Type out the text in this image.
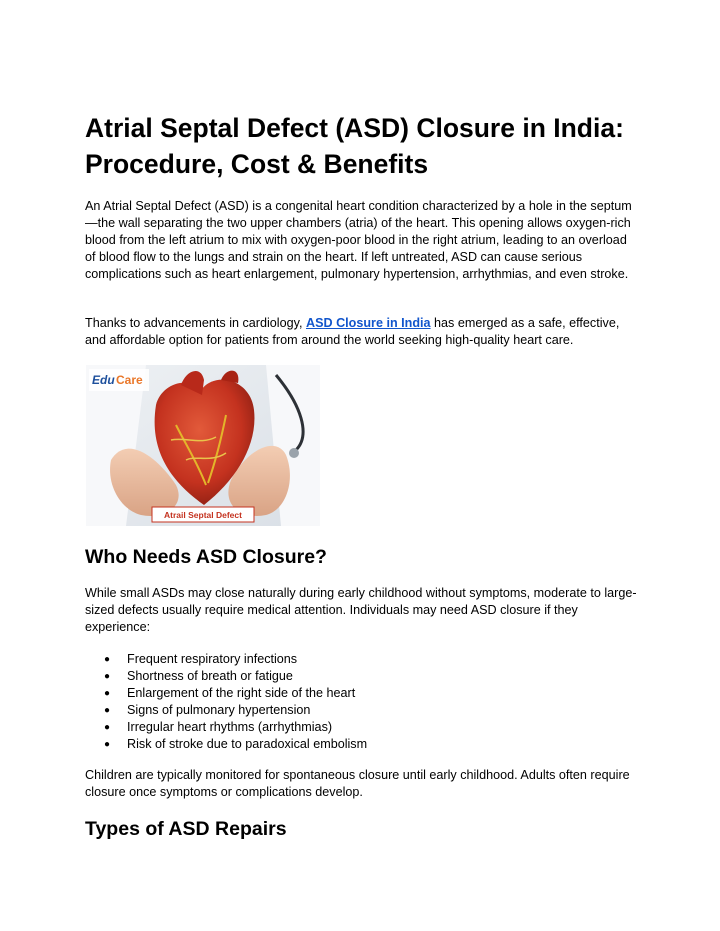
Atrial Septal Defect (ASD) Closure in India: Procedure, Cost & Benefits

An Atrial Septal Defect (ASD) is a congenital heart condition characterized by a hole in the septum—the wall separating the two upper chambers (atria) of the heart. This opening allows oxygen-rich blood from the left atrium to mix with oxygen-poor blood in the right atrium, leading to an overload of blood flow to the lungs and strain on the heart. If left untreated, ASD can cause serious complications such as heart enlargement, pulmonary hypertension, arrhythmias, and even stroke.

Thanks to advancements in cardiology, ASD Closure in India has emerged as a safe, effective, and affordable option for patients from around the world seeking high-quality heart care.

Who Needs ASD Closure?

While small ASDs may close naturally during early childhood without symptoms, moderate to large-sized defects usually require medical attention. Individuals may need ASD closure if they experience:

● Frequent respiratory infections
● Shortness of breath or fatigue
● Enlargement of the right side of the heart
● Signs of pulmonary hypertension
● Irregular heart rhythms (arrhythmias)
● Risk of stroke due to paradoxical embolism

Children are typically monitored for spontaneous closure until early childhood. Adults often require closure once symptoms or complications develop.

Types of ASD Repairs
Edu Care
Atrail Septal Defect
